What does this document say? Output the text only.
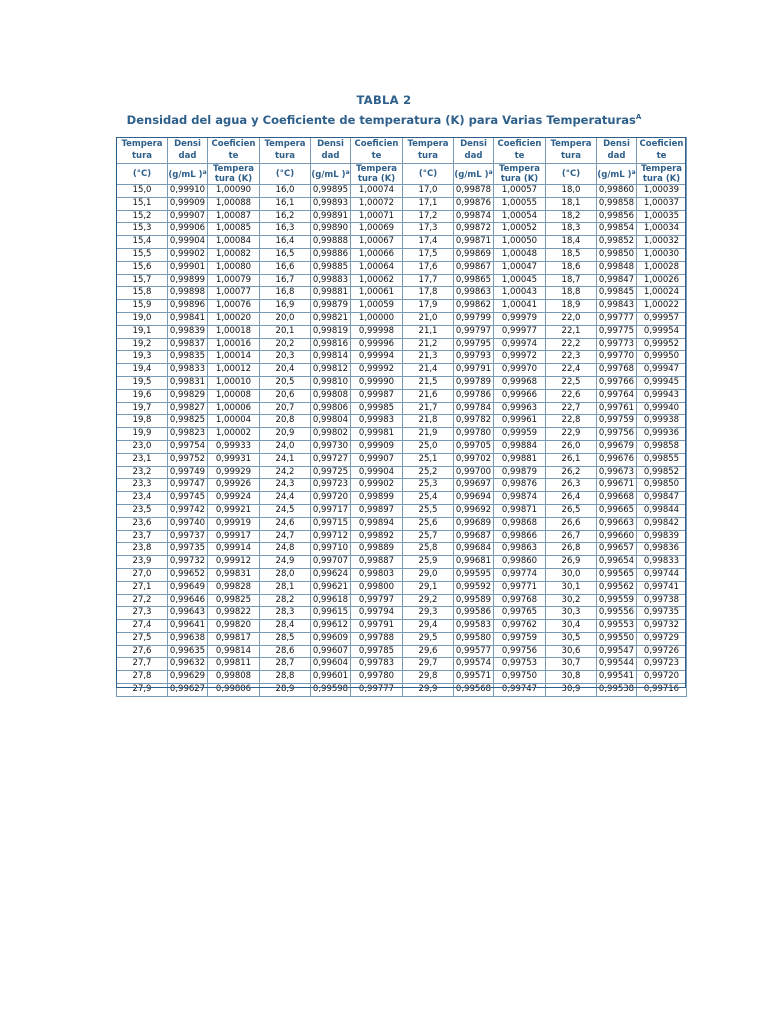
TABLA 2
Densidad del agua y Coeficiente de temperatura (K) para Varias Temperaturas$^A$
Tempera tura	Densi dad	Coeficien te	Tempera tura	Densi dad	Coeficien te	Tempera tura	Densi dad	Coeficien te	Tempera tura	Densi dad	Coeficien te
(°C)	(g/mL )$^a$	Tempera tura (K)	(°C)	(g/mL )$^a$	Tempera tura (K)	(°C)	(g/mL )$^a$	Tempera tura (K)	(°C)	(g/mL )$^a$	Tempera tura (K)
15,0	0,99910	1,00090	16,0	0,99895	1,00074	17,0	0,99878	1,00057	18,0	0,99860	1,00039
15,1	0,99909	1,00088	16,1	0,99893	1,00072	17,1	0,99876	1,00055	18,1	0,99858	1,00037
15,2	0,99907	1,00087	16,2	0,99891	1,00071	17,2	0,99874	1,00054	18,2	0,99856	1,00035
15,3	0,99906	1,00085	16,3	0,99890	1,00069	17,3	0,99872	1,00052	18,3	0,99854	1,00034
15,4	0,99904	1,00084	16,4	0,99888	1,00067	17,4	0,99871	1,00050	18,4	0,99852	1,00032
15,5	0,99902	1,00082	16,5	0,99886	1,00066	17,5	0,99869	1,00048	18,5	0,99850	1,00030
15,6	0,99901	1,00080	16,6	0,99885	1,00064	17,6	0,99867	1,00047	18,6	0,99848	1,00028
15,7	0,99899	1,00079	16,7	0,99883	1,00062	17,7	0,99865	1,00045	18,7	0,99847	1,00026
15,8	0,99898	1,00077	16,8	0,99881	1,00061	17,8	0,99863	1,00043	18,8	0,99845	1,00024
15,9	0,99896	1,00076	16,9	0,99879	1,00059	17,9	0,99862	1,00041	18,9	0,99843	1,00022
19,0	0,99841	1,00020	20,0	0,99821	1,00000	21,0	0,99799	0,99979	22,0	0,99777	0,99957
19,1	0,99839	1,00018	20,1	0,99819	0,99998	21,1	0,99797	0,99977	22,1	0,99775	0,99954
19,2	0,99837	1,00016	20,2	0,99816	0,99996	21,2	0,99795	0,99974	22,2	0,99773	0,99952
19,3	0,99835	1,00014	20,3	0,99814	0,99994	21,3	0,99793	0,99972	22,3	0,99770	0,99950
19,4	0,99833	1,00012	20,4	0,99812	0,99992	21,4	0,99791	0,99970	22,4	0,99768	0,99947
19,5	0,99831	1,00010	20,5	0,99810	0,99990	21,5	0,99789	0,99968	22,5	0,99766	0,99945
19,6	0,99829	1,00008	20,6	0,99808	0,99987	21,6	0,99786	0,99966	22,6	0,99764	0,99943
19,7	0,99827	1,00006	20,7	0,99806	0,99985	21,7	0,99784	0,99963	22,7	0,99761	0,99940
19,8	0,99825	1,00004	20,8	0,99804	0,99983	21,8	0,99782	0,99961	22,8	0,99759	0,99938
19,9	0,99823	1,00002	20,9	0,99802	0,99981	21,9	0,99780	0,99959	22,9	0,99756	0,99936
23,0	0,99754	0,99933	24,0	0,99730	0,99909	25,0	0,99705	0,99884	26,0	0,99679	0,99858
23,1	0,99752	0,99931	24,1	0,99727	0,99907	25,1	0,99702	0,99881	26,1	0,99676	0,99855
23,2	0,99749	0,99929	24,2	0,99725	0,99904	25,2	0,99700	0,99879	26,2	0,99673	0,99852
23,3	0,99747	0,99926	24,3	0,99723	0,99902	25,3	0,99697	0,99876	26,3	0,99671	0,99850
23,4	0,99745	0,99924	24,4	0,99720	0,99899	25,4	0,99694	0,99874	26,4	0,99668	0,99847
23,5	0,99742	0,99921	24,5	0,99717	0,99897	25,5	0,99692	0,99871	26,5	0,99665	0,99844
23,6	0,99740	0,99919	24,6	0,99715	0,99894	25,6	0,99689	0,99868	26,6	0,99663	0,99842
23,7	0,99737	0,99917	24,7	0,99712	0,99892	25,7	0,99687	0,99866	26,7	0,99660	0,99839
23,8	0,99735	0,99914	24,8	0,99710	0,99889	25,8	0,99684	0,99863	26,8	0,99657	0,99836
23,9	0,99732	0,99912	24,9	0,99707	0,99887	25,9	0,99681	0,99860	26,9	0,99654	0,99833
27,0	0,99652	0,99831	28,0	0,99624	0,99803	29,0	0,99595	0,99774	30,0	0,99565	0,99744
27,1	0,99649	0,99828	28,1	0,99621	0,99800	29,1	0,99592	0,99771	30,1	0,99562	0,99741
27,2	0,99646	0,99825	28,2	0,99618	0,99797	29,2	0,99589	0,99768	30,2	0,99559	0,99738
27,3	0,99643	0,99822	28,3	0,99615	0,99794	29,3	0,99586	0,99765	30,3	0,99556	0,99735
27,4	0,99641	0,99820	28,4	0,99612	0,99791	29,4	0,99583	0,99762	30,4	0,99553	0,99732
27,5	0,99638	0,99817	28,5	0,99609	0,99788	29,5	0,99580	0,99759	30,5	0,99550	0,99729
27,6	0,99635	0,99814	28,6	0,99607	0,99785	29,6	0,99577	0,99756	30,6	0,99547	0,99726
27,7	0,99632	0,99811	28,7	0,99604	0,99783	29,7	0,99574	0,99753	30,7	0,99544	0,99723
27,8	0,99629	0,99808	28,8	0,99601	0,99780	29,8	0,99571	0,99750	30,8	0,99541	0,99720
27,9	0,99627	0,99806	28,9	0,99598	0,99777	29,9	0,99568	0,99747	30,9	0,99538	0,99716
